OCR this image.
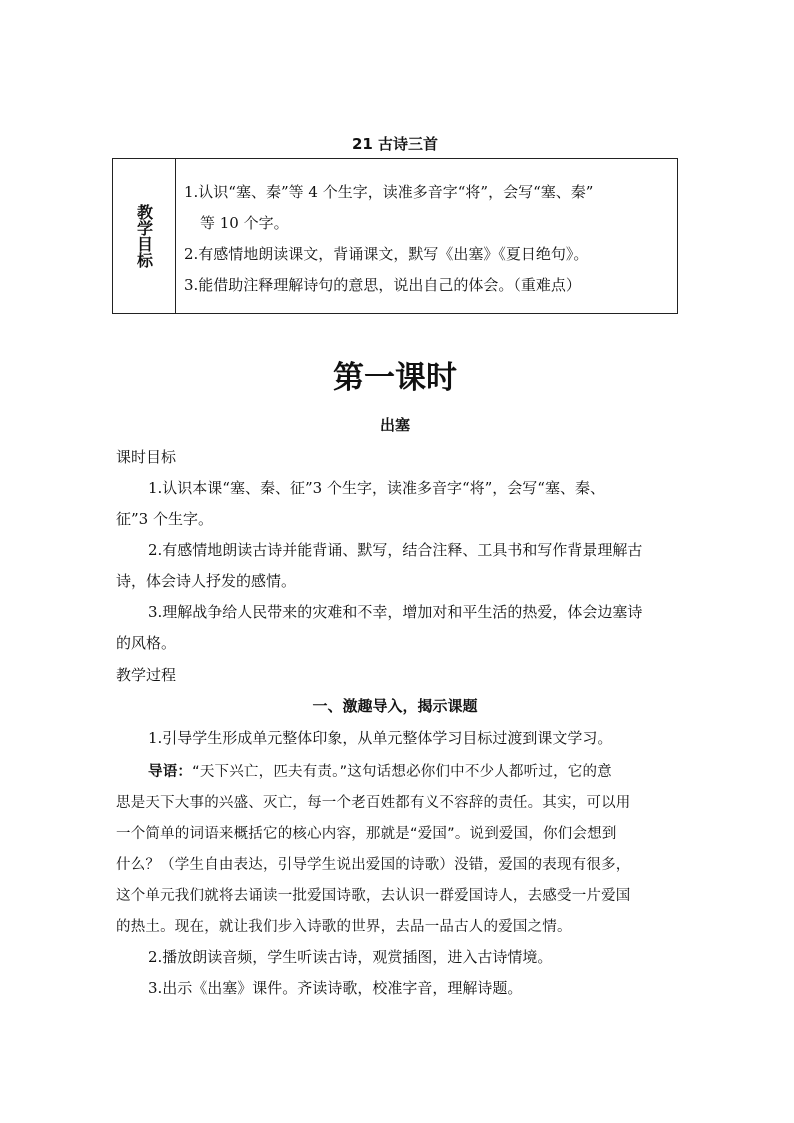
21 古诗三首
教学目标
1.认识“塞、秦”等 4 个生字，读准多音字“将”，会写“塞、秦”
等 10 个字。
2.有感情地朗读课文，背诵课文，默写《出塞》《夏日绝句》。
3.能借助注释理解诗句的意思，说出自己的体会。（重难点）
第一课时
出塞
课时目标
1.认识本课“塞、秦、征”3 个生字，读准多音字“将”，会写“塞、秦、
征”3 个生字。
2.有感情地朗读古诗并能背诵、默写，结合注释、工具书和写作背景理解古
诗，体会诗人抒发的感情。
3.理解战争给人民带来的灾难和不幸，增加对和平生活的热爱，体会边塞诗
的风格。
教学过程
一、激趣导入，揭示课题
1.引导学生形成单元整体印象，从单元整体学习目标过渡到课文学习。
导语：“天下兴亡，匹夫有责。”这句话想必你们中不少人都听过，它的意
思是天下大事的兴盛、灭亡，每一个老百姓都有义不容辞的责任。其实，可以用
一个简单的词语来概括它的核心内容，那就是“爱国”。说到爱国，你们会想到
什么？（学生自由表达，引导学生说出爱国的诗歌）没错，爱国的表现有很多，
这个单元我们就将去诵读一批爱国诗歌，去认识一群爱国诗人，去感受一片爱国
的热土。现在，就让我们步入诗歌的世界，去品一品古人的爱国之情。
2.播放朗读音频，学生听读古诗，观赏插图，进入古诗情境。
3.出示《出塞》课件。齐读诗歌，校准字音，理解诗题。
